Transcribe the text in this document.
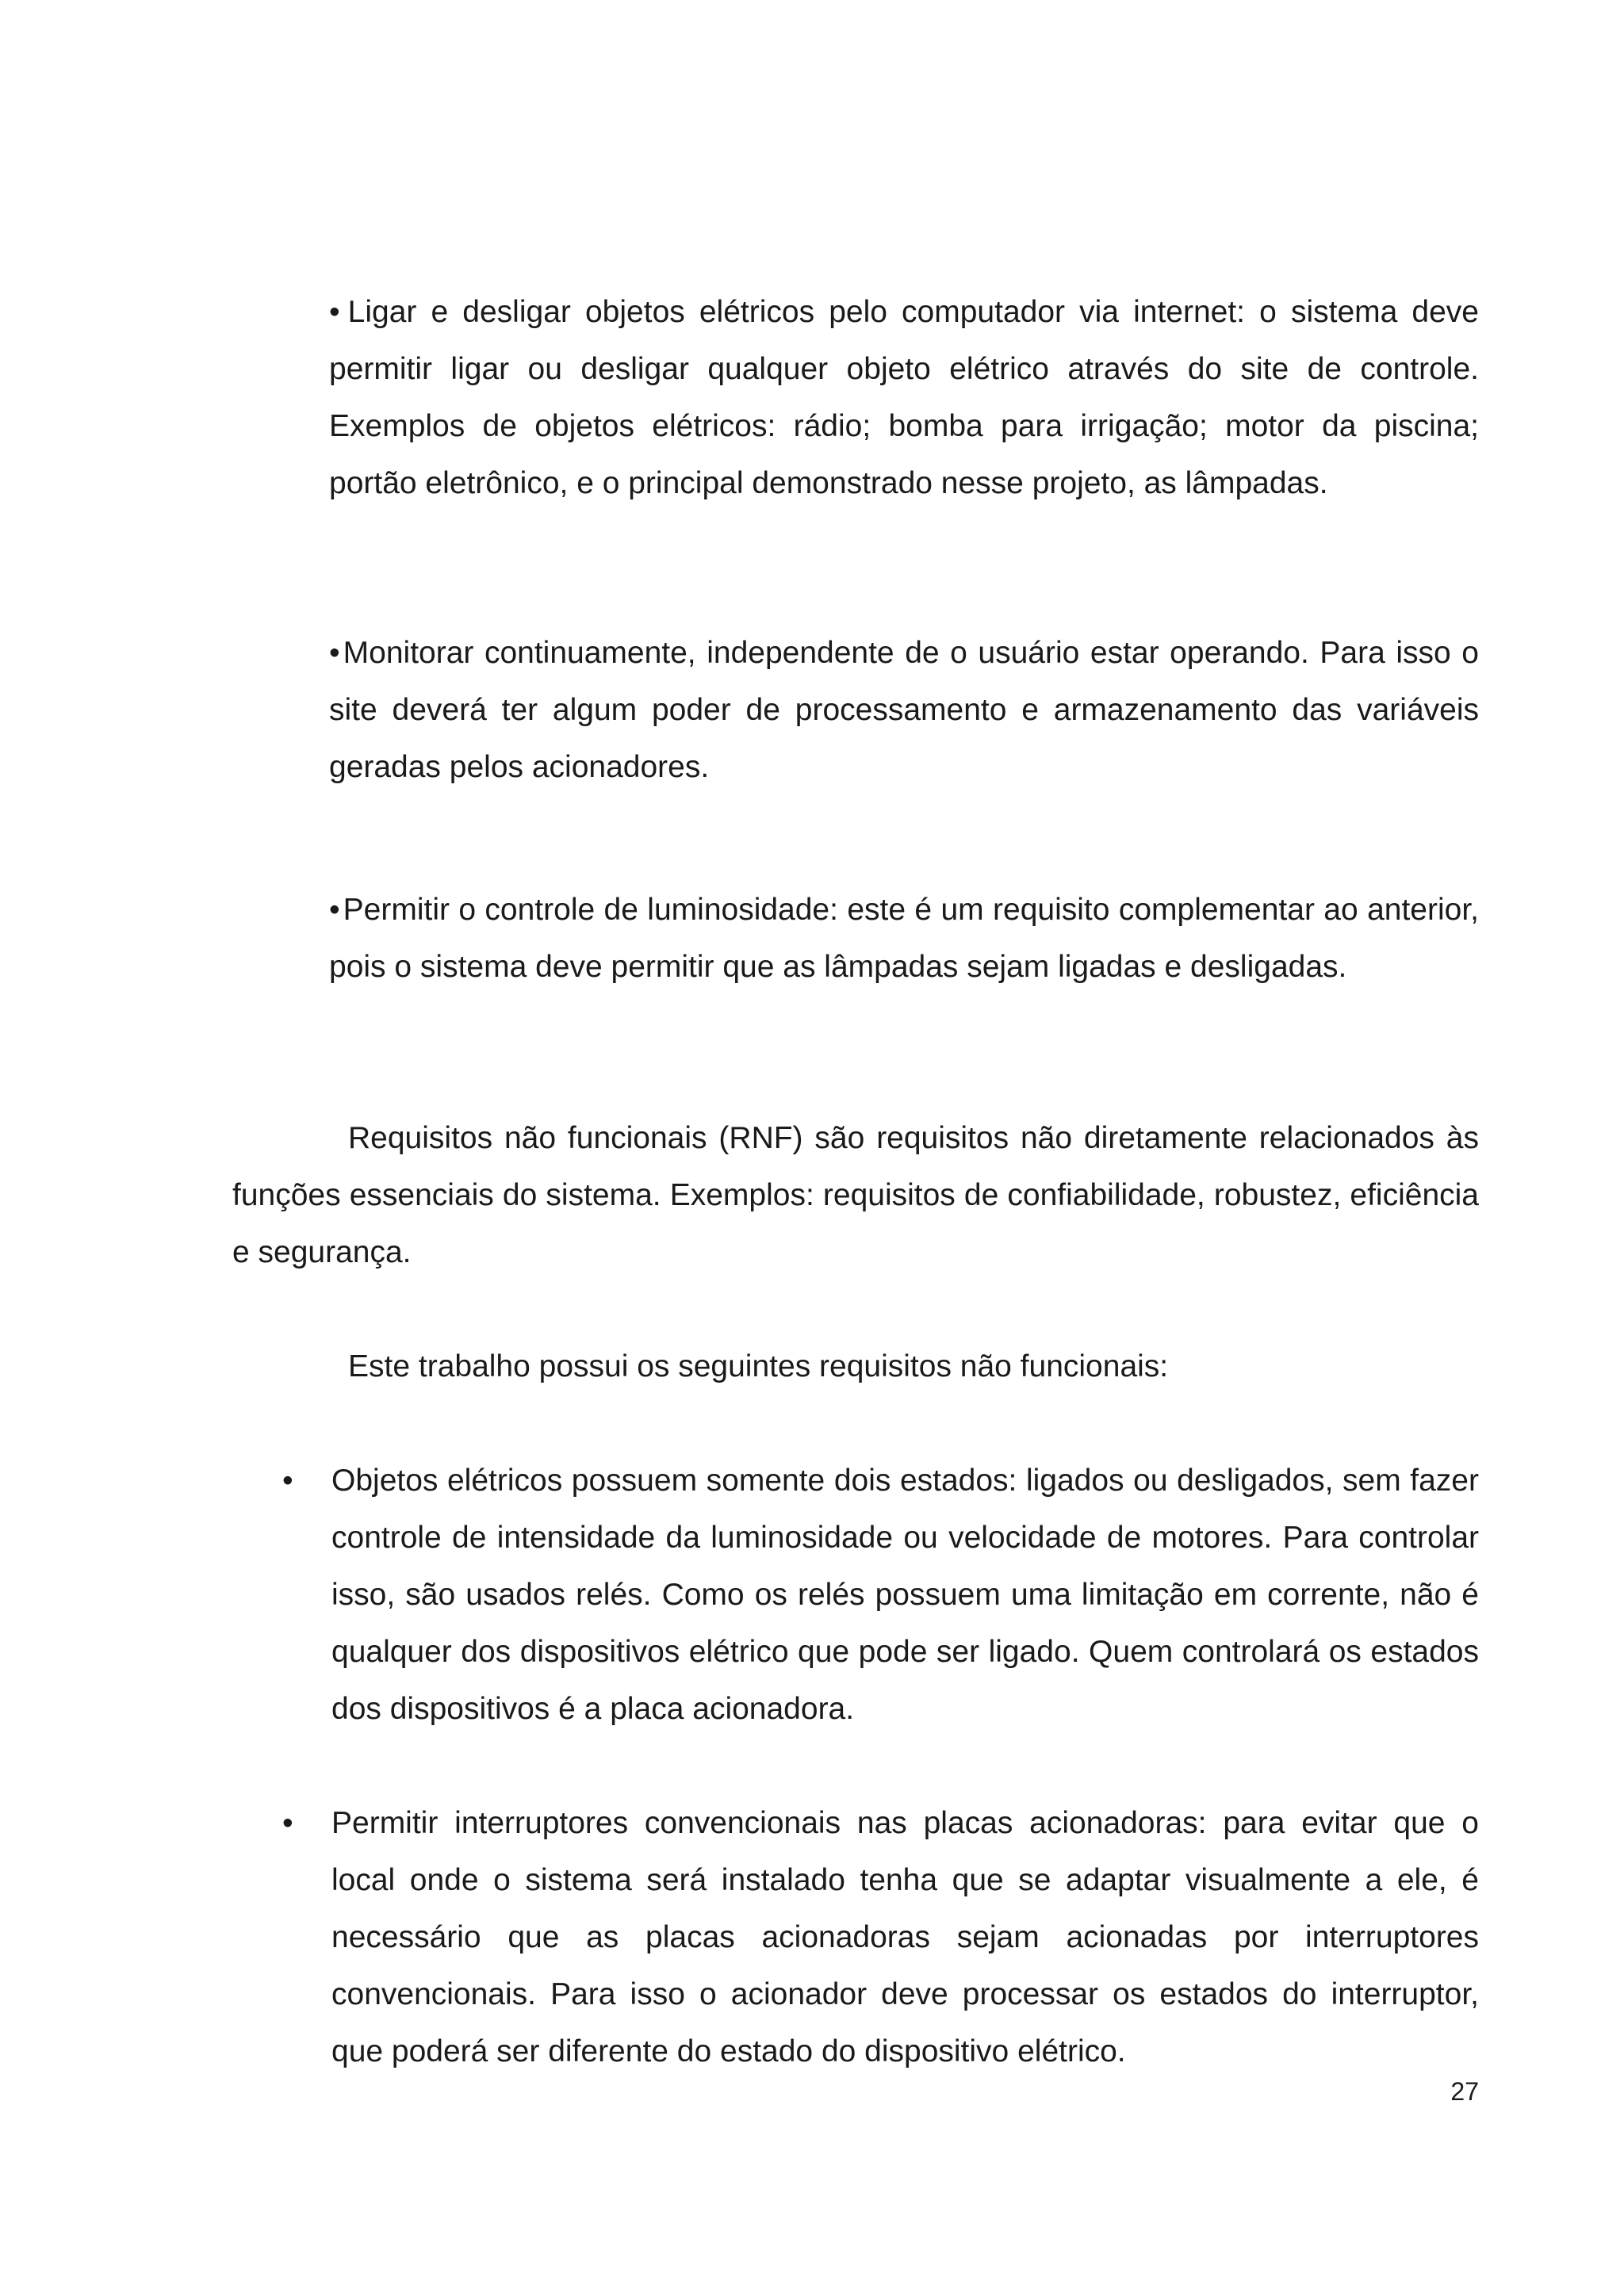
• Ligar e desligar objetos elétricos pelo computador via internet: o sistema deve permitir ligar ou desligar qualquer objeto elétrico através do site de controle. Exemplos de objetos elétricos: rádio; bomba para irrigação; motor da piscina; portão eletrônico, e o principal demonstrado nesse projeto, as lâmpadas.

• Monitorar continuamente, independente de o usuário estar operando. Para isso o site deverá ter algum poder de processamento e armazenamento das variáveis geradas pelos acionadores.

• Permitir o controle de luminosidade: este é um requisito complementar ao anterior, pois o sistema deve permitir que as lâmpadas sejam ligadas e desligadas.

Requisitos não funcionais (RNF) são requisitos não diretamente relacionados às funções essenciais do sistema. Exemplos: requisitos de confiabilidade, robustez, eficiência e segurança.

Este trabalho possui os seguintes requisitos não funcionais:

• Objetos elétricos possuem somente dois estados: ligados ou desligados, sem fazer controle de intensidade da luminosidade ou velocidade de motores. Para controlar isso, são usados relés. Como os relés possuem uma limitação em corrente, não é qualquer dos dispositivos elétrico que pode ser ligado. Quem controlará os estados dos dispositivos é a placa acionadora.

• Permitir interruptores convencionais nas placas acionadoras: para evitar que o local onde o sistema será instalado tenha que se adaptar visualmente a ele, é necessário que as placas acionadoras sejam acionadas por interruptores convencionais. Para isso o acionador deve processar os estados do interruptor, que poderá ser diferente do estado do dispositivo elétrico.

27
